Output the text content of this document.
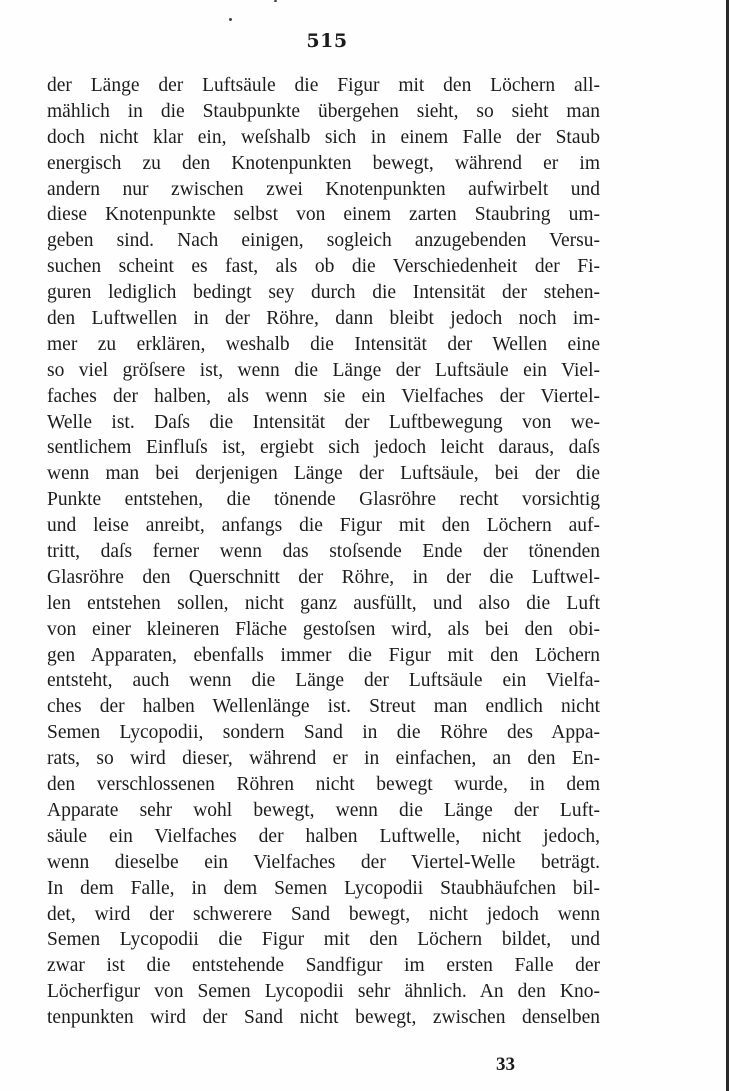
515
der Länge der Luftsäule die Figur mit den Löchern all-
mählich in die Staubpunkte übergehen sieht, so sieht man
doch nicht klar ein, weſshalb sich in einem Falle der Staub
energisch zu den Knotenpunkten bewegt, während er im
andern nur zwischen zwei Knotenpunkten aufwirbelt und
diese Knotenpunkte selbst von einem zarten Staubring um-
geben sind. Nach einigen, sogleich anzugebenden Versu-
suchen scheint es fast, als ob die Verschiedenheit der Fi-
guren lediglich bedingt sey durch die Intensität der stehen-
den Luftwellen in der Röhre, dann bleibt jedoch noch im-
mer zu erklären, weshalb die Intensität der Wellen eine
so viel gröſsere ist, wenn die Länge der Luftsäule ein Viel-
faches der halben, als wenn sie ein Vielfaches der Viertel-
Welle ist. Daſs die Intensität der Luftbewegung von we-
sentlichem Einfluſs ist, ergiebt sich jedoch leicht daraus, daſs
wenn man bei derjenigen Länge der Luftsäule, bei der die
Punkte entstehen, die tönende Glasröhre recht vorsichtig
und leise anreibt, anfangs die Figur mit den Löchern auf-
tritt, daſs ferner wenn das stoſsende Ende der tönenden
Glasröhre den Querschnitt der Röhre, in der die Luftwel-
len entstehen sollen, nicht ganz ausfüllt, und also die Luft
von einer kleineren Fläche gestoſsen wird, als bei den obi-
gen Apparaten, ebenfalls immer die Figur mit den Löchern
entsteht, auch wenn die Länge der Luftsäule ein Vielfa-
ches der halben Wellenlänge ist. Streut man endlich nicht
Semen Lycopodii, sondern Sand in die Röhre des Appa-
rats, so wird dieser, während er in einfachen, an den En-
den verschlossenen Röhren nicht bewegt wurde, in dem
Apparate sehr wohl bewegt, wenn die Länge der Luft-
säule ein Vielfaches der halben Luftwelle, nicht jedoch,
wenn dieselbe ein Vielfaches der Viertel-Welle beträgt.
In dem Falle, in dem Semen Lycopodii Staubhäufchen bil-
det, wird der schwerere Sand bewegt, nicht jedoch wenn
Semen Lycopodii die Figur mit den Löchern bildet, und
zwar ist die entstehende Sandfigur im ersten Falle der
Löcherfigur von Semen Lycopodii sehr ähnlich. An den Kno-
tenpunkten wird der Sand nicht bewegt, zwischen denselben
33
